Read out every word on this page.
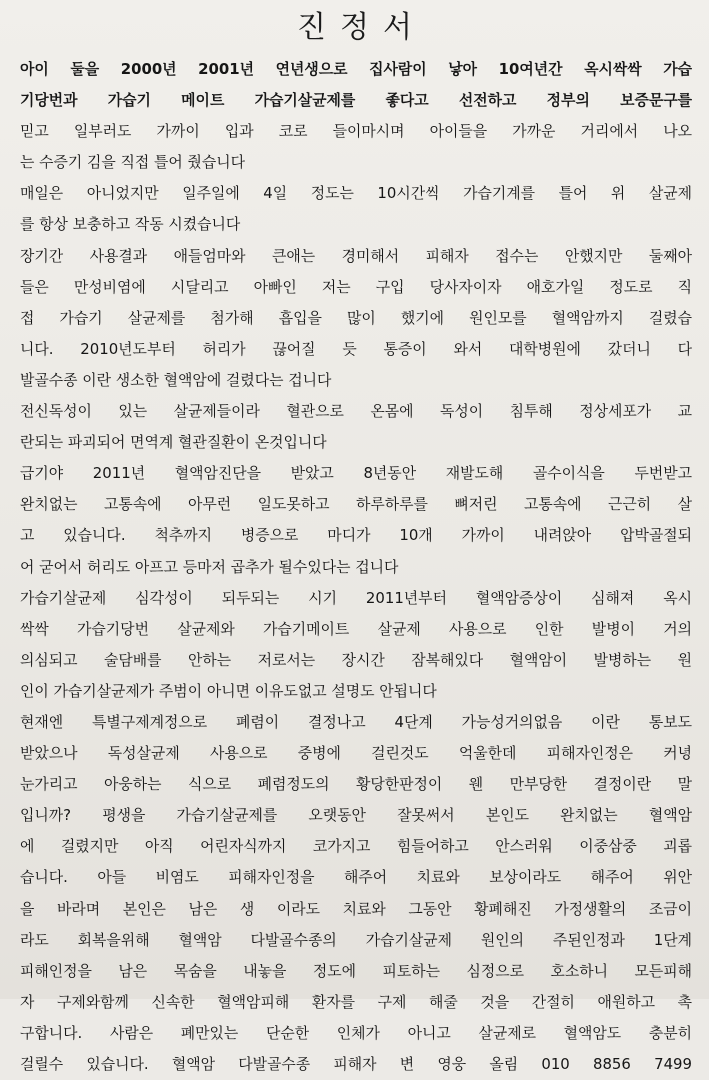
진정서
아이 둘을 2000년 2001년 연년생으로 집사람이 낳아 10여년간 옥시싹싹 가습
기당번과 가습기 메이트 가습기살균제를 좋다고 선전하고 정부의 보증문구를
믿고 일부러도 가까이 입과 코로 들이마시며 아이들을 가까운 거리에서 나오
는 수증기 김을 직접 틀어 줬습니다
매일은 아니었지만 일주일에 4일 정도는 10시간씩 가습기계를 틀어 위 살균제
를 항상 보충하고 작동 시켰습니다
장기간 사용결과 애들엄마와 큰애는 경미해서 피해자 접수는 안했지만 둘째아
들은 만성비염에 시달리고 아빠인 저는 구입 당사자이자 애호가일 정도로 직
접 가습기 살균제를 첨가해 흡입을 많이 했기에 원인모를 혈액암까지 걸렸습
니다. 2010년도부터 허리가 끊어질 듯 통증이 와서 대학병원에 갔더니 다
발골수종 이란 생소한 혈액암에 걸렸다는 겁니다
전신독성이 있는 살균제들이라 혈관으로 온몸에 독성이 침투해 정상세포가 교
란되는 파괴되어 면역계 혈관질환이 온것입니다
급기야 2011년 혈액암진단을 받았고 8년동안 재발도해 골수이식을 두번받고
완치없는 고통속에 아무런 일도못하고 하루하루를 뼈저린 고통속에 근근히 살
고 있습니다. 척추까지 병증으로 마디가 10개 가까이 내려앉아 압박골절되
어 굳어서 허리도 아프고 등마저 곱추가 될수있다는 겁니다
가습기살균제 심각성이 되두되는 시기 2011년부터 혈액암증상이 심해져 옥시
싹싹 가습기당번 살균제와 가습기메이트 살균제 사용으로 인한 발병이 거의
의심되고 술담배를 안하는 저로서는 장시간 잠복해있다 혈액암이 발병하는 원
인이 가습기살균제가 주범이 아니면 이유도없고 설명도 안됩니다
현재엔 특별구제계정으로 폐렴이 결정나고 4단계 가능성거의없음 이란 통보도
받았으나 독성살균제 사용으로 중병에 걸린것도 억울한데 피해자인정은 커녕
눈가리고 아웅하는 식으로 폐렴정도의 황당한판정이 웬 만부당한 결정이란 말
입니까? 평생을 가습기살균제를 오랫동안 잘못써서 본인도 완치없는 혈액암
에 걸렸지만 아직 어린자식까지 코가지고 힘들어하고 안스러워 이중삼중 괴롭
습니다. 아들 비염도 피해자인정을 해주어 치료와 보상이라도 해주어 위안
을 바라며 본인은 남은 생 이라도 치료와 그동안 황폐해진 가정생활의 조금이
라도 회복을위해 혈액암 다발골수종의 가습기살균제 원인의 주된인정과 1단계
피해인정을 남은 목숨을 내놓을 정도에 피토하는 심정으로 호소하니 모든피해
자 구제와함께 신속한 혈액암피해 환자를 구제 해줄 것을 간절히 애원하고 촉
구합니다. 사람은 폐만있는 단순한 인체가 아니고 살균제로 혈액암도 충분히
걸릴수 있습니다. 혈액암 다발골수종 피해자 변 영웅 올림 010 8856 7499
